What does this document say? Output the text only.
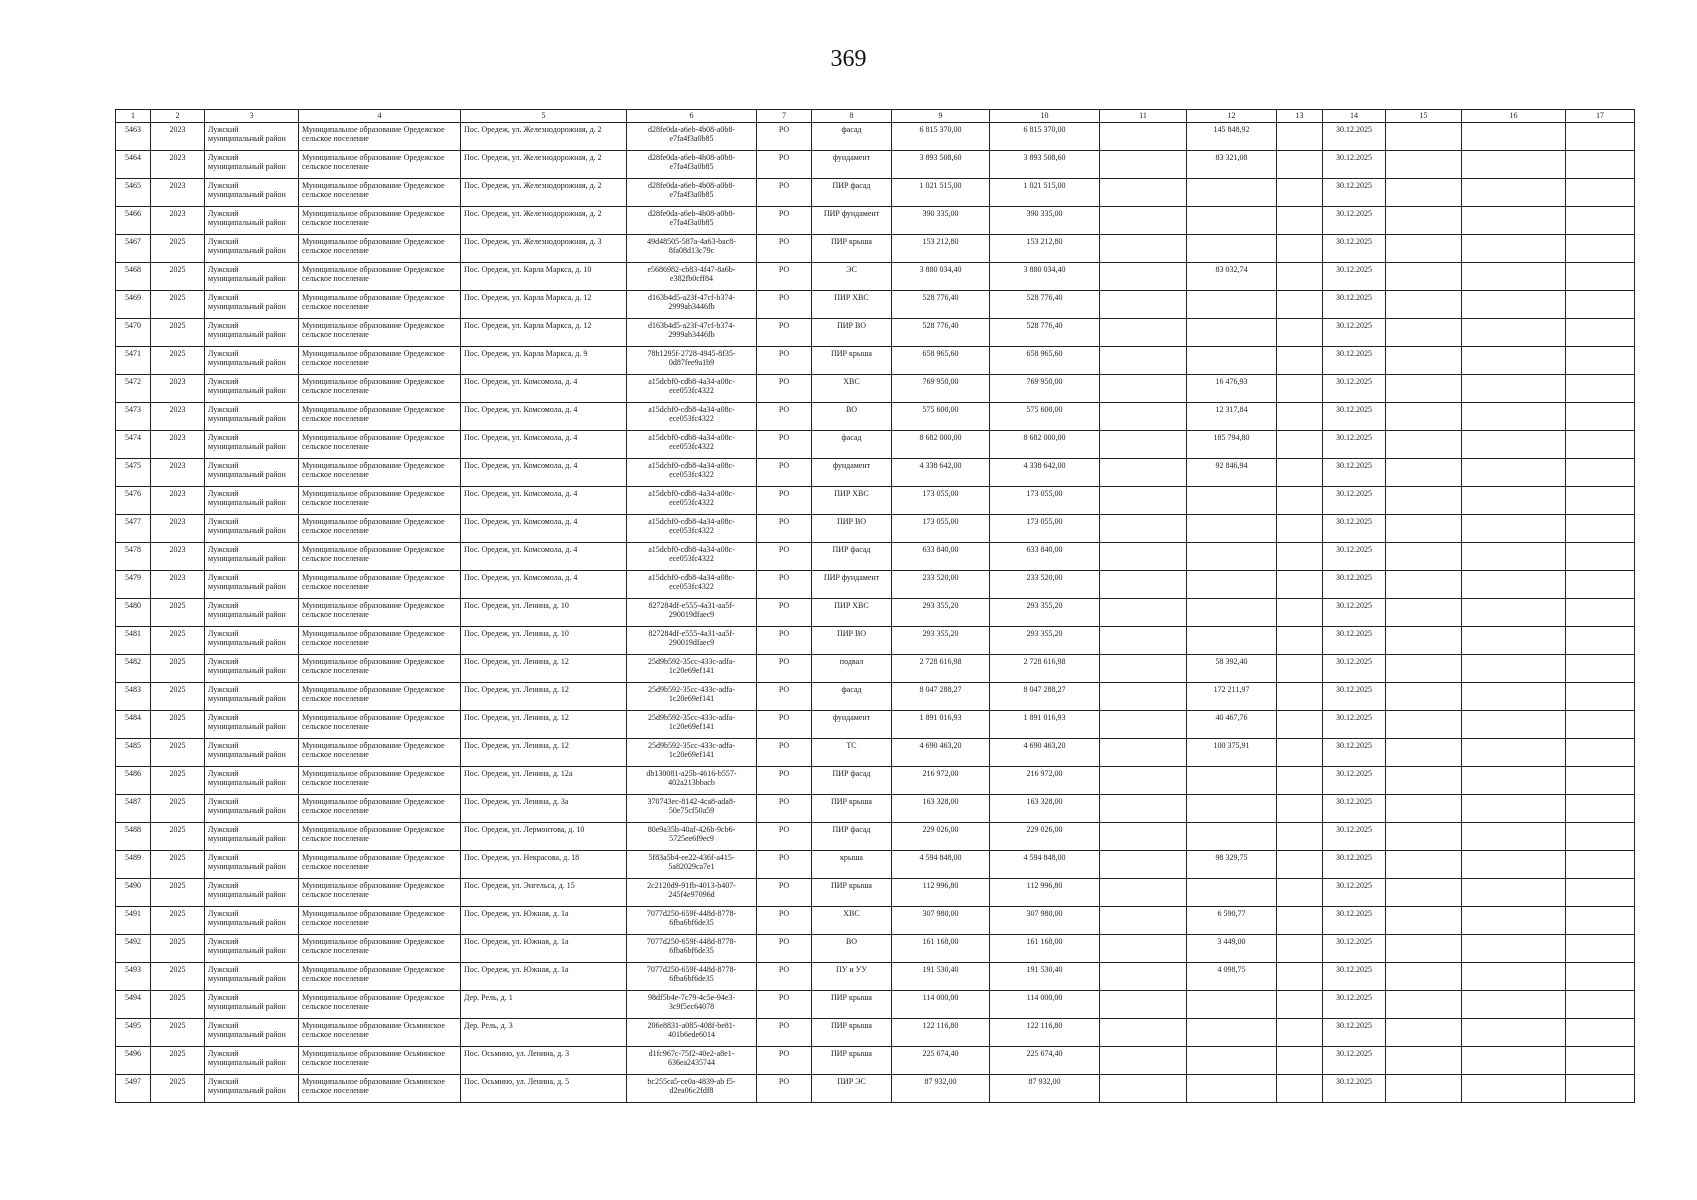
369
1	2	3	4	5	6	7	8	9	10	11	12	13	14	15	16	17
5463	2023	Лужский муниципальный район	Муниципальное образование Оредежское сельское поселение	Пос. Оредеж, ул. Железнодорожная, д. 2	d28fe0da-a6eb-4b08-a0b8-e7fa4f3a0b85	РО	фасад	6 815 370,00	6 815 370,00		145 848,92		30.12.2025			
5464	2023	Лужский муниципальный район	Муниципальное образование Оредежское сельское поселение	Пос. Оредеж, ул. Железнодорожная, д. 2	d28fe0da-a6eb-4b08-a0b8-e7fa4f3a0b85	РО	фундамент	3 893 508,60	3 893 508,60		83 321,08		30.12.2025			
5465	2023	Лужский муниципальный район	Муниципальное образование Оредежское сельское поселение	Пос. Оредеж, ул. Железнодорожная, д. 2	d28fe0da-a6eb-4b08-a0b8-e7fa4f3a0b85	РО	ПИР фасад	1 021 515,00	1 021 515,00				30.12.2025			
5466	2023	Лужский муниципальный район	Муниципальное образование Оредежское сельское поселение	Пос. Оредеж, ул. Железнодорожная, д. 2	d28fe0da-a6eb-4b08-a0b8-e7fa4f3a0b85	РО	ПИР фундамент	390 335,00	390 335,00				30.12.2025			
5467	2025	Лужский муниципальный район	Муниципальное образование Оредежское сельское поселение	Пос. Оредеж, ул. Железнодорожная, д. 3	49d48505-587a-4a63-bac8-8fa08d13c79c	РО	ПИР крыша	153 212,80	153 212,80				30.12.2025			
5468	2025	Лужский муниципальный район	Муниципальное образование Оредежское сельское поселение	Пос. Оредеж, ул. Карла Маркса, д. 10	e5686982-cb83-4f47-8a6b-e382fb0cff84	РО	ЭС	3 880 034,40	3 880 034,40		83 032,74		30.12.2025			
5469	2025	Лужский муниципальный район	Муниципальное образование Оредежское сельское поселение	Пос. Оредеж, ул. Карла Маркса, д. 12	d163b4d5-a23f-47cf-b374-2999ab3446fb	РО	ПИР ХВС	528 776,40	528 776,40				30.12.2025			
5470	2025	Лужский муниципальный район	Муниципальное образование Оредежское сельское поселение	Пос. Оредеж, ул. Карла Маркса, д. 12	d163b4d5-a23f-47cf-b374-2999ab3446fb	РО	ПИР ВО	528 776,40	528 776,40				30.12.2025			
5471	2025	Лужский муниципальный район	Муниципальное образование Оредежское сельское поселение	Пос. Оредеж, ул. Карла Маркса, д. 9	78b1295f-2728-4945-8f35-0d87fee9a1b9	РО	ПИР крыша	658 965,60	658 965,60				30.12.2025			
5472	2023	Лужский муниципальный район	Муниципальное образование Оредежское сельское поселение	Пос. Оредеж, ул. Комсомола, д. 4	a15dcbf0-cdb8-4a34-a08c-ece053fc4322	РО	ХВС	769 950,00	769 950,00		16 476,93		30.12.2025			
5473	2023	Лужский муниципальный район	Муниципальное образование Оредежское сельское поселение	Пос. Оредеж, ул. Комсомола, д. 4	a15dcbf0-cdb8-4a34-a08c-ece053fc4322	РО	ВО	575 600,00	575 600,00		12 317,84		30.12.2025			
5474	2023	Лужский муниципальный район	Муниципальное образование Оредежское сельское поселение	Пос. Оредеж, ул. Комсомола, д. 4	a15dcbf0-cdb8-4a34-a08c-ece053fc4322	РО	фасад	8 682 000,00	8 682 000,00		185 794,80		30.12.2025			
5475	2023	Лужский муниципальный район	Муниципальное образование Оредежское сельское поселение	Пос. Оредеж, ул. Комсомола, д. 4	a15dcbf0-cdb8-4a34-a08c-ece053fc4322	РО	фундамент	4 338 642,00	4 338 642,00		92 846,94		30.12.2025			
5476	2023	Лужский муниципальный район	Муниципальное образование Оредежское сельское поселение	Пос. Оредеж, ул. Комсомола, д. 4	a15dcbf0-cdb8-4a34-a08c-ece053fc4322	РО	ПИР ХВС	173 055,00	173 055,00				30.12.2025			
5477	2023	Лужский муниципальный район	Муниципальное образование Оредежское сельское поселение	Пос. Оредеж, ул. Комсомола, д. 4	a15dcbf0-cdb8-4a34-a08c-ece053fc4322	РО	ПИР ВО	173 055,00	173 055,00				30.12.2025			
5478	2023	Лужский муниципальный район	Муниципальное образование Оредежское сельское поселение	Пос. Оредеж, ул. Комсомола, д. 4	a15dcbf0-cdb8-4a34-a08c-ece053fc4322	РО	ПИР фасад	633 840,00	633 840,00				30.12.2025			
5479	2023	Лужский муниципальный район	Муниципальное образование Оредежское сельское поселение	Пос. Оредеж, ул. Комсомола, д. 4	a15dcbf0-cdb8-4a34-a08c-ece053fc4322	РО	ПИР фундамент	233 520,00	233 520,00				30.12.2025			
5480	2025	Лужский муниципальный район	Муниципальное образование Оредежское сельское поселение	Пос. Оредеж, ул. Ленина, д. 10	827284df-e555-4a31-aa5f-290019dfaec9	РО	ПИР ХВС	293 355,20	293 355,20				30.12.2025			
5481	2025	Лужский муниципальный район	Муниципальное образование Оредежское сельское поселение	Пос. Оредеж, ул. Ленина, д. 10	827284df-e555-4a31-aa5f-290019dfaec9	РО	ПИР ВО	293 355,20	293 355,20				30.12.2025			
5482	2025	Лужский муниципальный район	Муниципальное образование Оредежское сельское поселение	Пос. Оредеж, ул. Ленина, д. 12	25d9b592-35cc-433c-adfa-1c20e69ef141	РО	подвал	2 728 616,98	2 728 616,98		58 392,40		30.12.2025			
5483	2025	Лужский муниципальный район	Муниципальное образование Оредежское сельское поселение	Пос. Оредеж, ул. Ленина, д. 12	25d9b592-35cc-433c-adfa-1c20e69ef141	РО	фасад	8 047 288,27	8 047 288,27		172 211,97		30.12.2025			
5484	2025	Лужский муниципальный район	Муниципальное образование Оредежское сельское поселение	Пос. Оредеж, ул. Ленина, д. 12	25d9b592-35cc-433c-adfa-1c20e69ef141	РО	фундамент	1 891 016,93	1 891 016,93		40 467,76		30.12.2025			
5485	2025	Лужский муниципальный район	Муниципальное образование Оредежское сельское поселение	Пос. Оредеж, ул. Ленина, д. 12	25d9b592-35cc-433c-adfa-1c20e69ef141	РО	ТС	4 690 463,20	4 690 463,20		100 375,91		30.12.2025			
5486	2025	Лужский муниципальный район	Муниципальное образование Оредежское сельское поселение	Пос. Оредеж, ул. Ленина, д. 12а	db130081-a25b-4616-b557-402a213bbacb	РО	ПИР фасад	216 972,00	216 972,00				30.12.2025			
5487	2025	Лужский муниципальный район	Муниципальное образование Оредежское сельское поселение	Пос. Оредеж, ул. Ленина, д. 3а	370743ec-8142-4ca8-ada8-50e75cf50a59	РО	ПИР крыша	163 328,00	163 328,00				30.12.2025			
5488	2025	Лужский муниципальный район	Муниципальное образование Оредежское сельское поселение	Пос. Оредеж, ул. Лермонтова, д. 10	80e9a35b-40af-426b-9cb6-5725ee6f9ec9	РО	ПИР фасад	229 026,00	229 026,00				30.12.2025			
5489	2025	Лужский муниципальный район	Муниципальное образование Оредежское сельское поселение	Пос. Оредеж, ул. Некрасова, д. 18	5f83a5b4-ee22-436f-a415-5a82029ca7e1	РО	крыша	4 594 848,00	4 594 848,00		98 329,75		30.12.2025			
5490	2025	Лужский муниципальный район	Муниципальное образование Оредежское сельское поселение	Пос. Оредеж, ул. Энгельса, д. 15	2c2120d9-91fb-4013-b407-245f4e97096d	РО	ПИР крыша	112 996,80	112 996,80				30.12.2025			
5491	2025	Лужский муниципальный район	Муниципальное образование Оредежское сельское поселение	Пос. Оредеж, ул. Южная, д. 1а	7077d250-659f-448d-8778-6fba6bf6de35	РО	ХВС	307 980,00	307 980,00		6 590,77		30.12.2025			
5492	2025	Лужский муниципальный район	Муниципальное образование Оредежское сельское поселение	Пос. Оредеж, ул. Южная, д. 1а	7077d250-659f-448d-8778-6fba6bf6de35	РО	ВО	161 168,00	161 168,00		3 449,00		30.12.2025			
5493	2025	Лужский муниципальный район	Муниципальное образование Оредежское сельское поселение	Пос. Оредеж, ул. Южная, д. 1а	7077d250-659f-448d-8778-6fba6bf6de35	РО	ПУ и УУ	191 530,40	191 530,40		4 098,75		30.12.2025			
5494	2025	Лужский муниципальный район	Муниципальное образование Оредежское сельское поселение	Дер. Рель, д. 1	98df5b4e-7c79-4c5e-94e3-3c9f5ec64078	РО	ПИР крыша	114 000,00	114 000,00				30.12.2025			
5495	2025	Лужский муниципальный район	Муниципальное образование Осьминское сельское поселение	Дер. Рель, д. 3	206e8831-a085-408f-be81-401b6ede6014	РО	ПИР крыша	122 116,80	122 116,80				30.12.2025			
5496	2025	Лужский муниципальный район	Муниципальное образование Осьминское сельское поселение	Пос. Осьмино, ул. Ленина, д. 3	d1fc967c-75f2-40e2-a8e1-636ea2435744	РО	ПИР крыша	225 674,40	225 674,40				30.12.2025			
5497	2025	Лужский муниципальный район	Муниципальное образование Осьминское сельское поселение	Пос. Осьмино, ул. Ленина, д. 5	bc255ca5-ce0a-4839-ab f5-d2ea06c2fdf8	РО	ПИР ЭС	87 932,00	87 932,00				30.12.2025			
